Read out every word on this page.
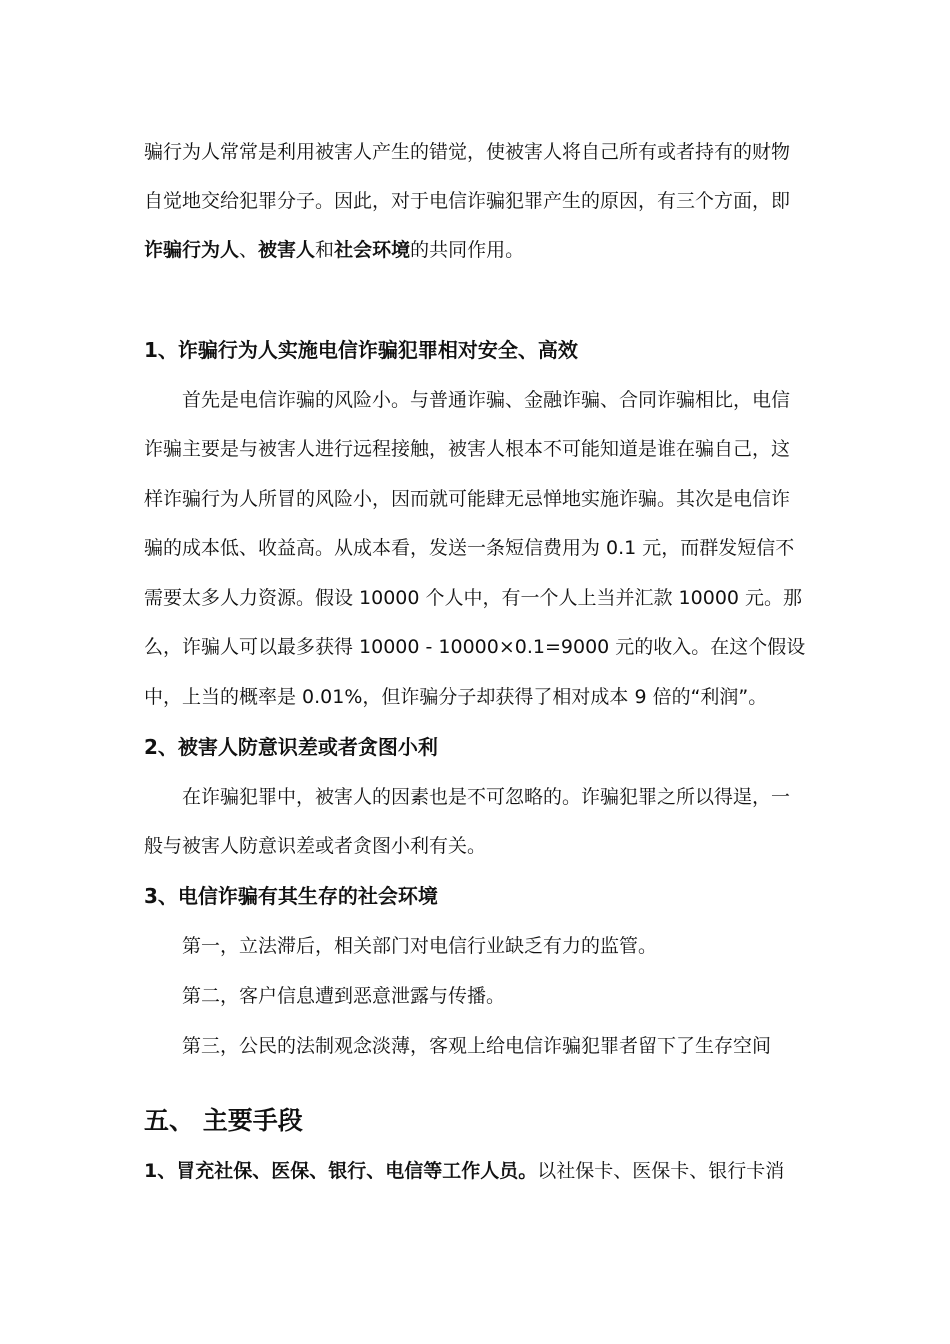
骗行为人常常是利用被害人产生的错觉，使被害人将自己所有或者持有的财物
自觉地交给犯罪分子。因此，对于电信诈骗犯罪产生的原因，有三个方面，即
诈骗行为人、被害人和社会环境的共同作用。
1、诈骗行为人实施电信诈骗犯罪相对安全、高效
首先是电信诈骗的风险小。与普通诈骗、金融诈骗、合同诈骗相比，电信
诈骗主要是与被害人进行远程接触，被害人根本不可能知道是谁在骗自己，这
样诈骗行为人所冒的风险小，因而就可能肆无忌惮地实施诈骗。其次是电信诈
骗的成本低、收益高。从成本看，发送一条短信费用为 0.1 元，而群发短信不
需要太多人力资源。假设 10000 个人中，有一个人上当并汇款 10000 元。那
么，诈骗人可以最多获得 10000 - 10000×0.1=9000 元的收入。在这个假设
中，上当的概率是 0.01%，但诈骗分子却获得了相对成本 9 倍的“利润”。
2、被害人防意识差或者贪图小利
在诈骗犯罪中，被害人的因素也是不可忽略的。诈骗犯罪之所以得逞，一
般与被害人防意识差或者贪图小利有关。
3、电信诈骗有其生存的社会环境
第一，立法滞后，相关部门对电信行业缺乏有力的监管。
第二，客户信息遭到恶意泄露与传播。
第三，公民的法制观念淡薄，客观上给电信诈骗犯罪者留下了生存空间
五、 主要手段
1、冒充社保、医保、银行、电信等工作人员。以社保卡、医保卡、银行卡消
